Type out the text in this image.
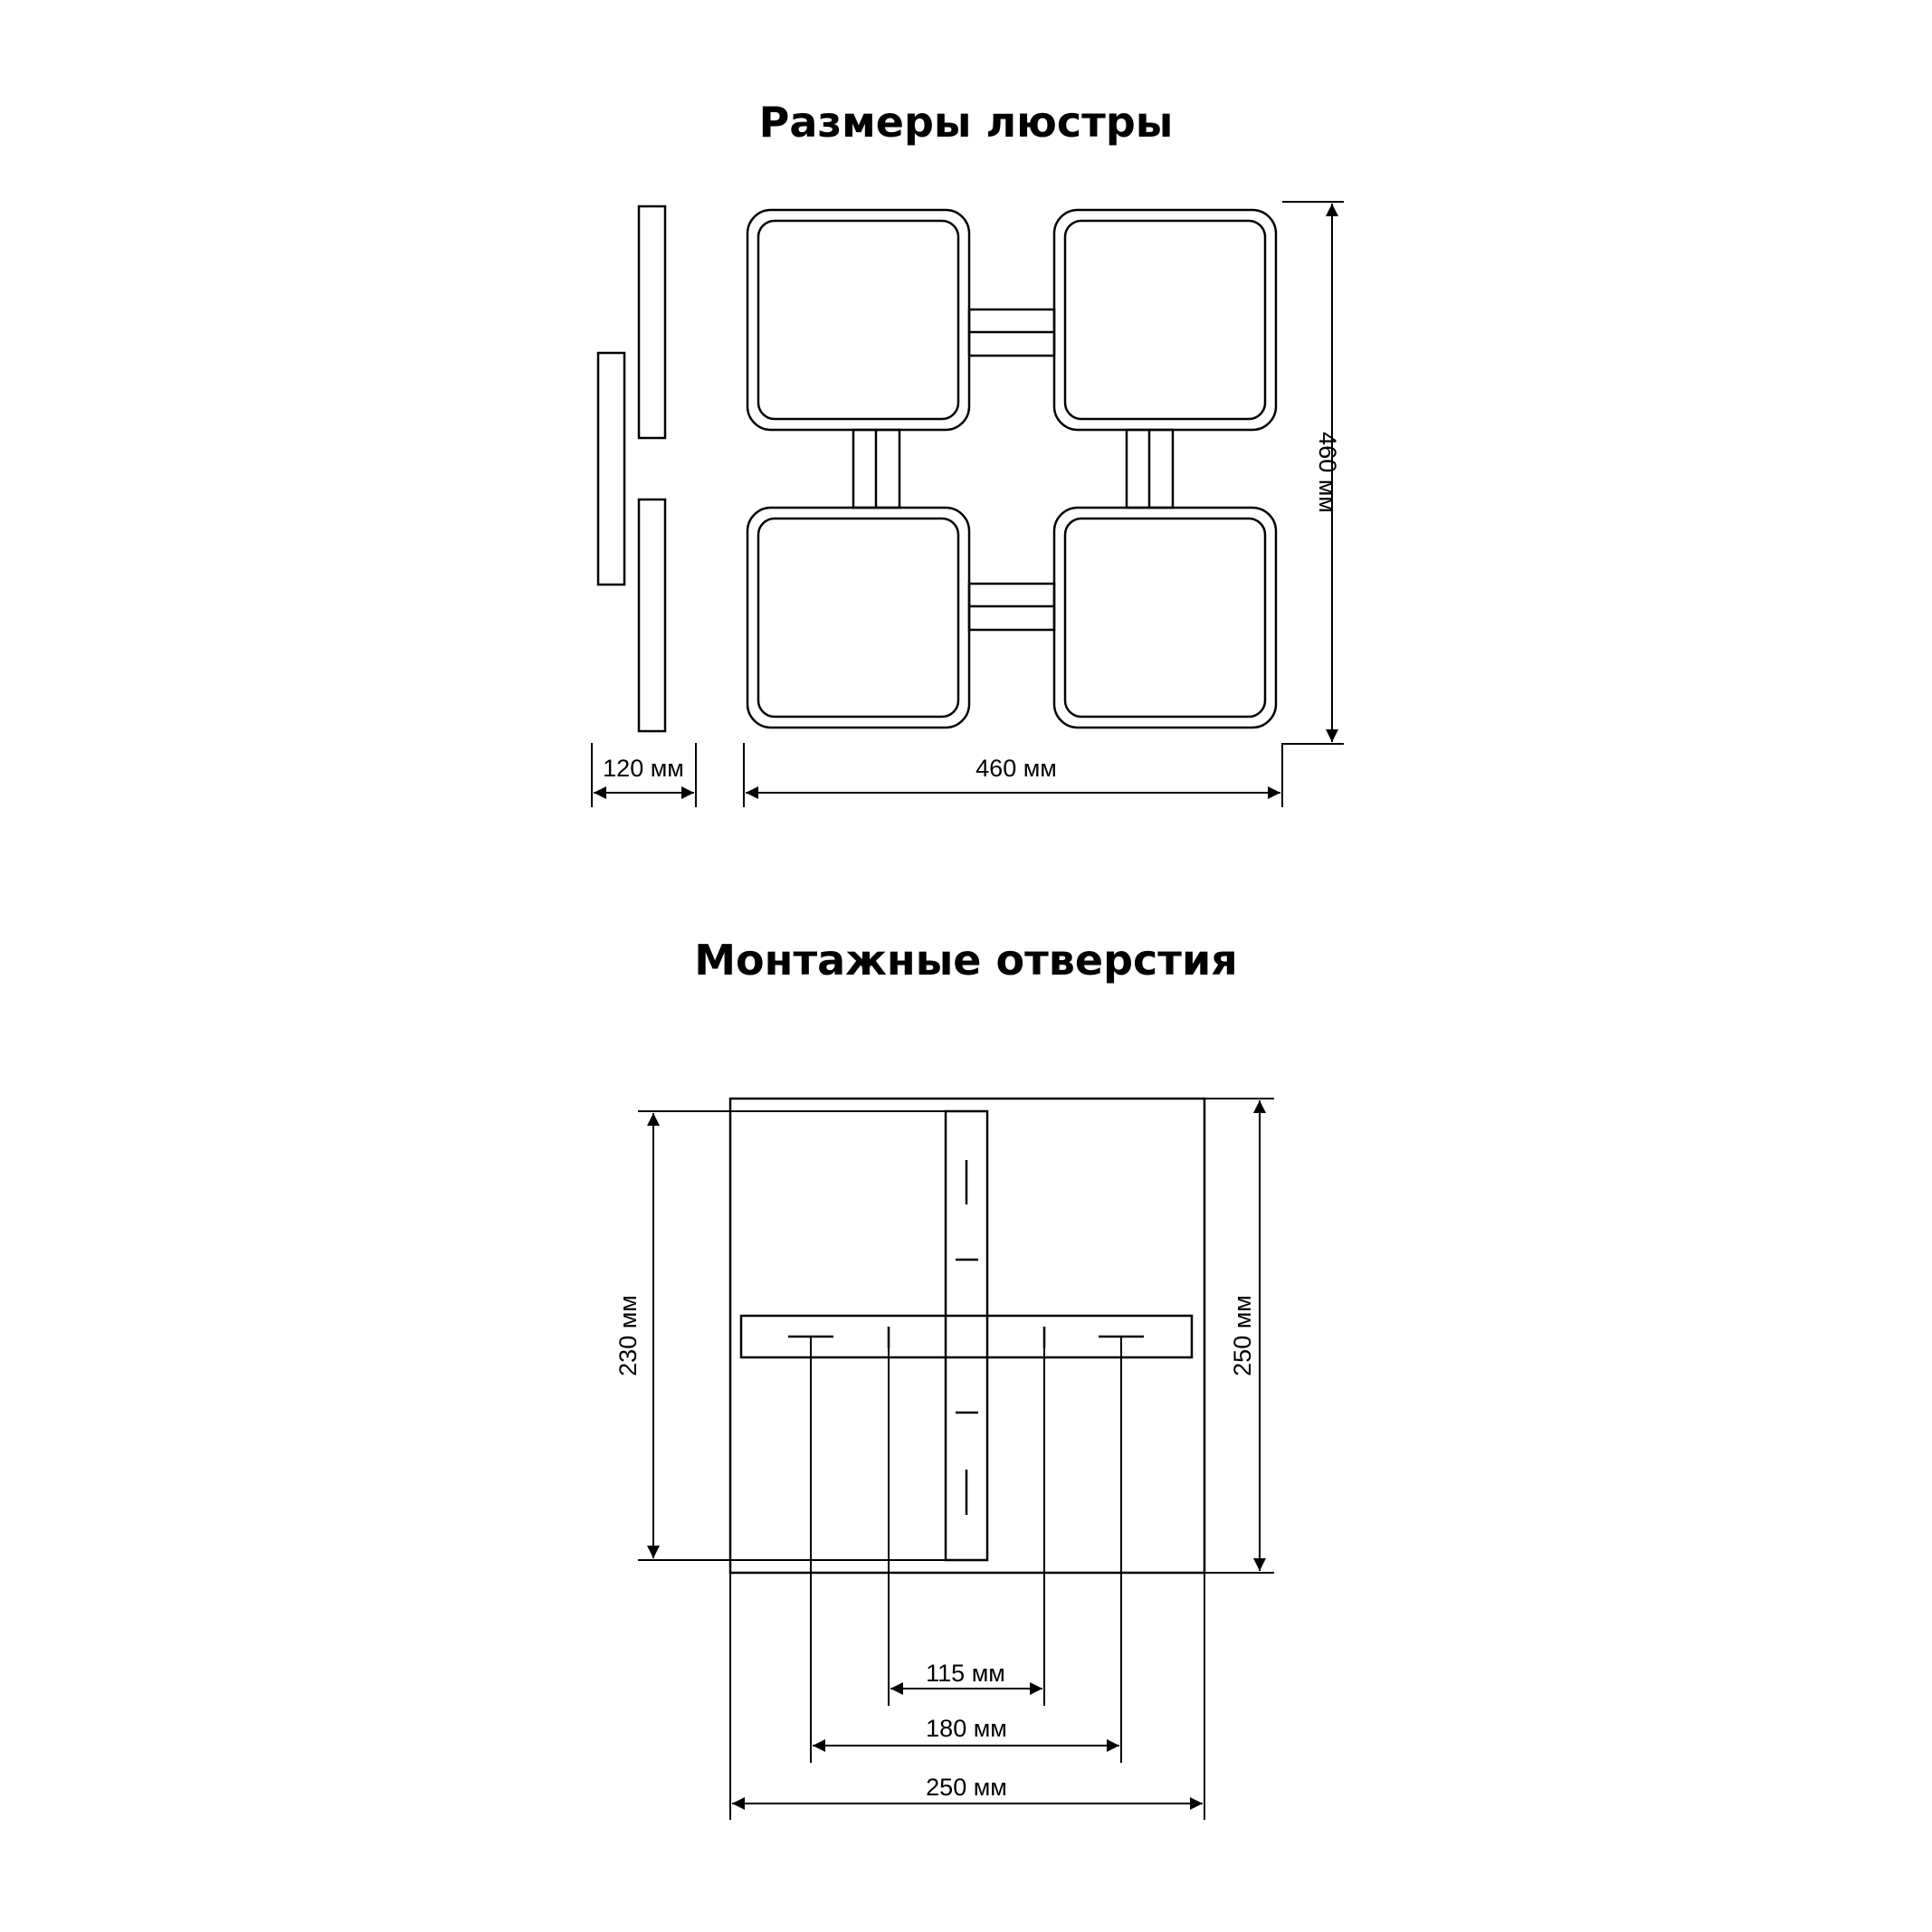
Размеры люстры
Монтажные отверстия
120 мм	460 мм
460 мм
230 мм	250 мм
115 мм
180 мм
250 мм
